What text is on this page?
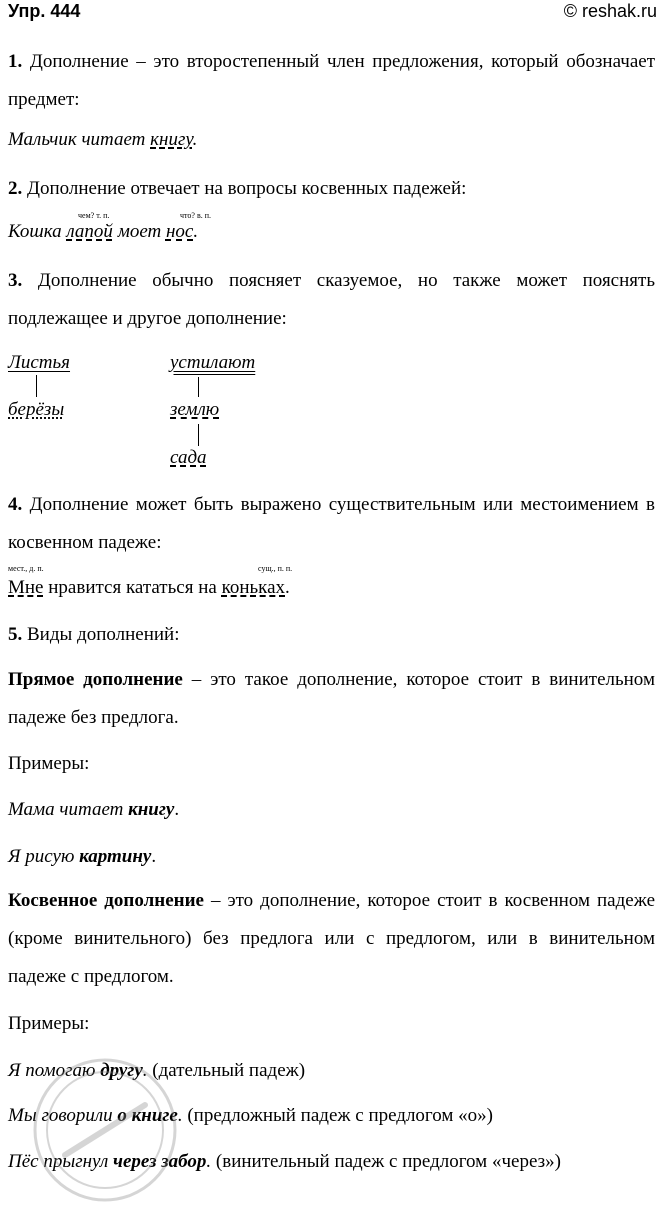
Упр. 444	© reshak.ru
1. Дополнение – это второстепенный член предложения, который обозначает предмет:
Мальчик читает книгу.
2. Дополнение отвечает на вопросы косвенных падежей:
чем? т. п.	что? в. п.
Кошка лапой моет нос.
3. Дополнение обычно поясняет сказуемое, но также может пояснять подлежащее и другое дополнение:
Листья
берёзы
устилают
землю
сада
4. Дополнение может быть выражено существительным или местоимением в косвенном падеже:
мест., д. п.	сущ., п. п.
Мне нравится кататься на коньках.
5. Виды дополнений:
Прямое дополнение – это такое дополнение, которое стоит в винительном падеже без предлога.
Примеры:
Мама читает книгу.
Я рисую картину.
Косвенное дополнение – это дополнение, которое стоит в косвенном падеже (кроме винительного) без предлога или с предлогом, или в винительном падеже с предлогом.
Примеры:
Я помогаю другу. (дательный падеж)
Мы говорили о книге. (предложный падеж с предлогом «о»)
Пёс прыгнул через забор. (винительный падеж с предлогом «через»)
